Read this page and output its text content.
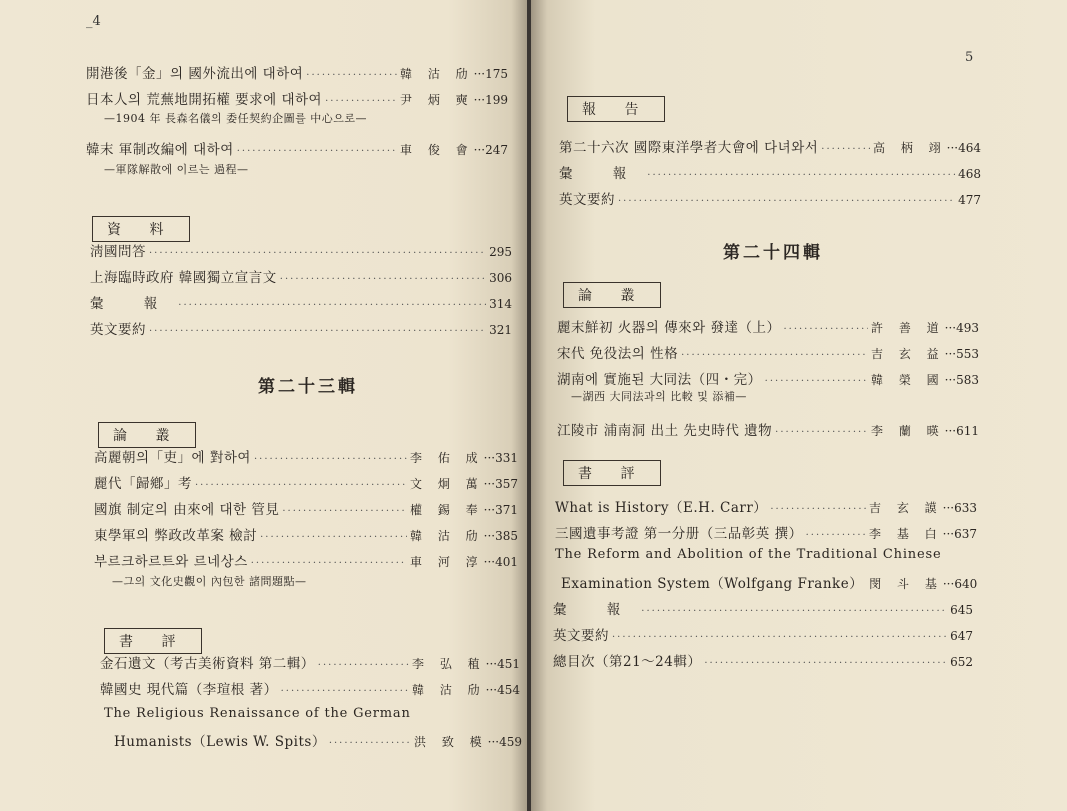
_4
開港後「金」의 國外流出에 대하여 ·····	韓 沽 劤 ··· 175
日本人의 荒蕪地開拓權 要求에 대하여 ·····	尹 炳 奭 ··· 199
—1904 年 長森名儀의 委任契約企圖를 中心으로—
韓末 軍制改編에 대하여 ·····	車 俊 會 ··· 247
—軍隊解散에 이르는 過程—
資 料
淸國問答 ·····	295
上海臨時政府 韓國獨立宣言文 ·····	306
彙 報 ·····	314
英文要約 ·····	321
第二十三輯
論 叢
高麗朝의「吏」에 對하여 ·····	李 佑 成 ··· 331
麗代「歸鄕」考 ·····	文 炯 萬 ··· 357
國旗 制定의 由來에 대한 管見 ·····	權 錫 奉 ··· 371
東學軍의 弊政改革案 檢討 ·····	韓 沽 劤 ··· 385
부르크하르트와 르네상스 ·····	車 河 淳 ··· 401
—그의 文化史觀이 內包한 諸問題點—
書 評
金石遺文（考古美術資料 第二輯） ·····	李 弘 稙 ··· 451
韓國史 現代篇（李瑄根 著） ·····	韓 沽 劤 ··· 454
The Religious Renaissance of the German
Humanists（Lewis W. Spits） ·····	洪 致 模 ··· 459
5
報 告
第二十六次 國際東洋學者大會에 다녀와서 ·····	高 柄 翊 ··· 464
彙 報 ·····	468
英文要約 ·····	477
第二十四輯
論 叢
麗末鮮初 火器의 傳來와 發達（上） ·····	許 善 道 ··· 493
宋代 免役法의 性格 ·····	吉 玄 益 ··· 553
湖南에 實施된 大同法（四・完） ·····	韓 榮 國 ··· 583
—湖西 大同法과의 比較 및 添補—
江陵市 浦南洞 出土 先史時代 遺物 ·····	李 蘭 暎 ··· 611
書 評
What is History（E.H. Carr） ·····	吉 玄 謨 ··· 633
三國遺事考證 第一分册（三品彰英 撰） ·····	李 基 白 ··· 637
The Reform and Abolition of the Traditional Chinese
Examination System（Wolfgang Franke） 閔 斗 基 ··· 640
彙 報 ·····	645
英文要約 ·····	647
總目次（第21～24輯） ·····	652
